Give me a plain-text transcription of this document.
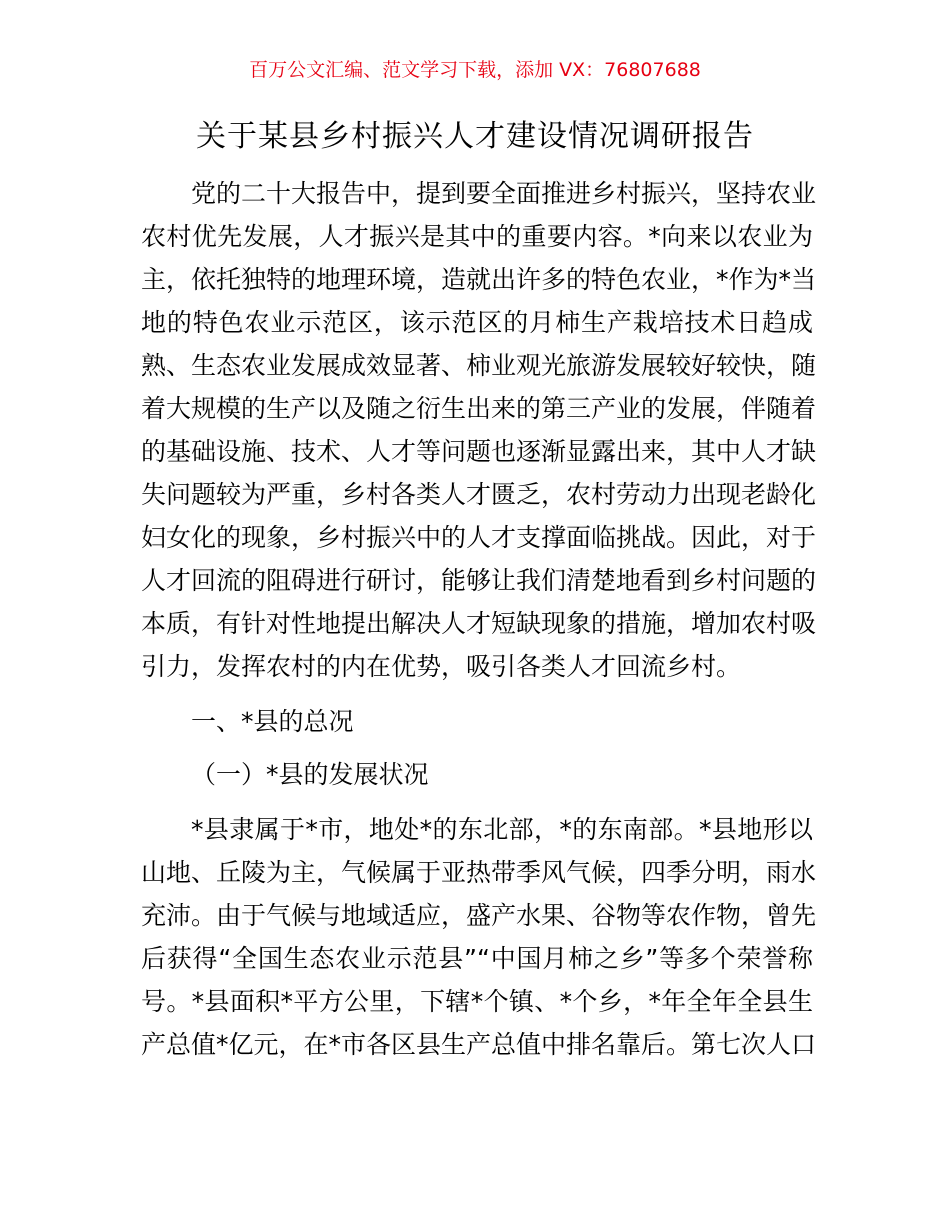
百万公文汇编、范文学习下载，添加 VX：76807688
关于某县乡村振兴人才建设情况调研报告
党的二十大报告中，提到要全面推进乡村振兴，坚持农业
农村优先发展，人才振兴是其中的重要内容。*向来以农业为
主，依托独特的地理环境，造就出许多的特色农业，*作为*当
地的特色农业示范区，该示范区的月柿生产栽培技术日趋成
熟、生态农业发展成效显著、柿业观光旅游发展较好较快，随
着大规模的生产以及随之衍生出来的第三产业的发展，伴随着
的基础设施、技术、人才等问题也逐渐显露出来，其中人才缺
失问题较为严重，乡村各类人才匮乏，农村劳动力出现老龄化
妇女化的现象，乡村振兴中的人才支撑面临挑战。因此，对于
人才回流的阻碍进行研讨，能够让我们清楚地看到乡村问题的
本质，有针对性地提出解决人才短缺现象的措施，增加农村吸
引力，发挥农村的内在优势，吸引各类人才回流乡村。
一、*县的总况
（一）*县的发展状况
*县隶属于*市，地处*的东北部，*的东南部。*县地形以
山地、丘陵为主，气候属于亚热带季风气候，四季分明，雨水
充沛。由于气候与地域适应，盛产水果、谷物等农作物，曾先
后获得“全国生态农业示范县”“中国月柿之乡”等多个荣誉称
号。*县面积*平方公里，下辖*个镇、*个乡，*年全年全县生
产总值*亿元，在*市各区县生产总值中排名靠后。第七次人口
